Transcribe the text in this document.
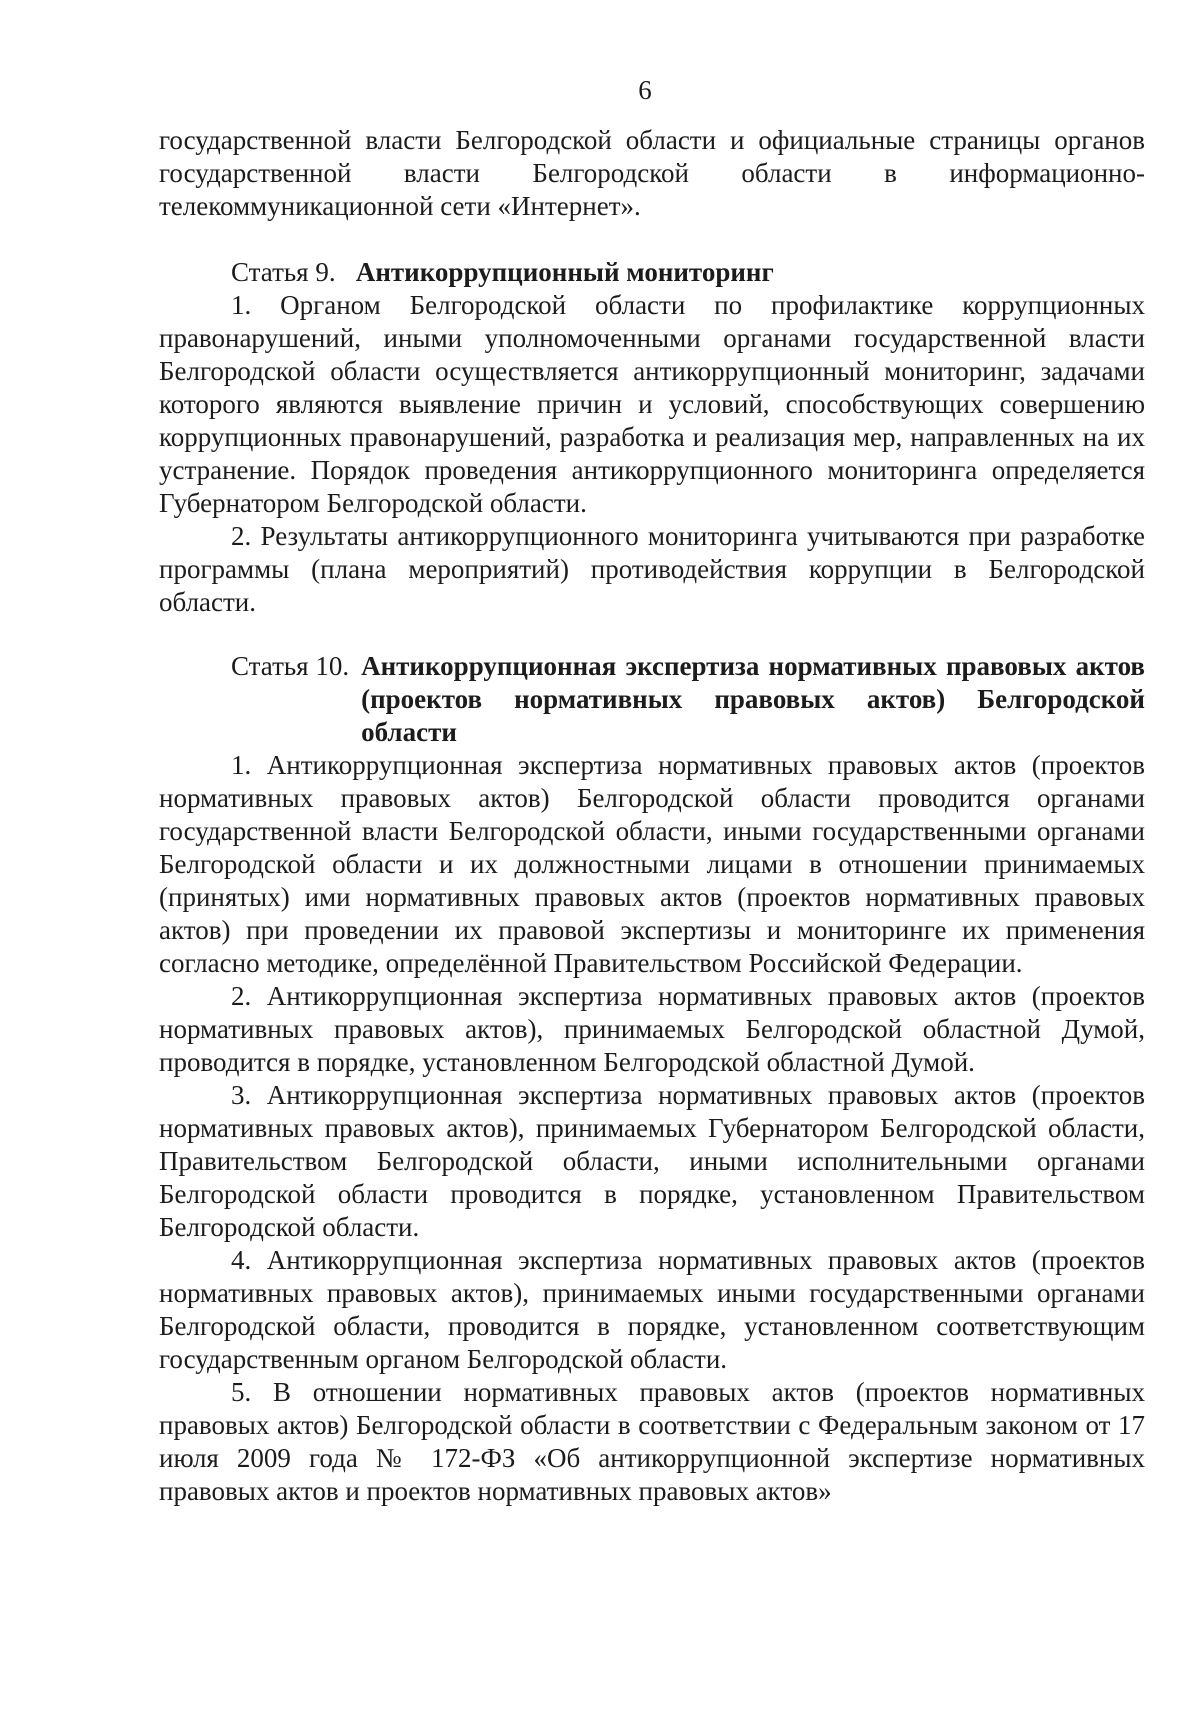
6

государственной власти Белгородской области и официальные страницы органов государственной власти Белгородской области в информационно-телекоммуникационной сети «Интернет».

Статья 9. Антикоррупционный мониторинг

1. Органом Белгородской области по профилактике коррупционных правонарушений, иными уполномоченными органами государственной власти Белгородской области осуществляется антикоррупционный мониторинг, задачами которого являются выявление причин и условий, способствующих совершению коррупционных правонарушений, разработка и реализация мер, направленных на их устранение. Порядок проведения антикоррупционного мониторинга определяется Губернатором Белгородской области.

2. Результаты антикоррупционного мониторинга учитываются при разработке программы (плана мероприятий) противодействия коррупции в Белгородской области.

Статья 10. Антикоррупционная экспертиза нормативных правовых актов (проектов нормативных правовых актов) Белгородской области

1. Антикоррупционная экспертиза нормативных правовых актов (проектов нормативных правовых актов) Белгородской области проводится органами государственной власти Белгородской области, иными государственными органами Белгородской области и их должностными лицами в отношении принимаемых (принятых) ими нормативных правовых актов (проектов нормативных правовых актов) при проведении их правовой экспертизы и мониторинге их применения согласно методике, определённой Правительством Российской Федерации.

2. Антикоррупционная экспертиза нормативных правовых актов (проектов нормативных правовых актов), принимаемых Белгородской областной Думой, проводится в порядке, установленном Белгородской областной Думой.

3. Антикоррупционная экспертиза нормативных правовых актов (проектов нормативных правовых актов), принимаемых Губернатором Белгородской области, Правительством Белгородской области, иными исполнительными органами Белгородской области проводится в порядке, установленном Правительством Белгородской области.

4. Антикоррупционная экспертиза нормативных правовых актов (проектов нормативных правовых актов), принимаемых иными государственными органами Белгородской области, проводится в порядке, установленном соответствующим государственным органом Белгородской области.

5. В отношении нормативных правовых актов (проектов нормативных правовых актов) Белгородской области в соответствии с Федеральным законом от 17 июля 2009 года № 172-ФЗ «Об антикоррупционной экспертизе нормативных правовых актов и проектов нормативных правовых актов»
